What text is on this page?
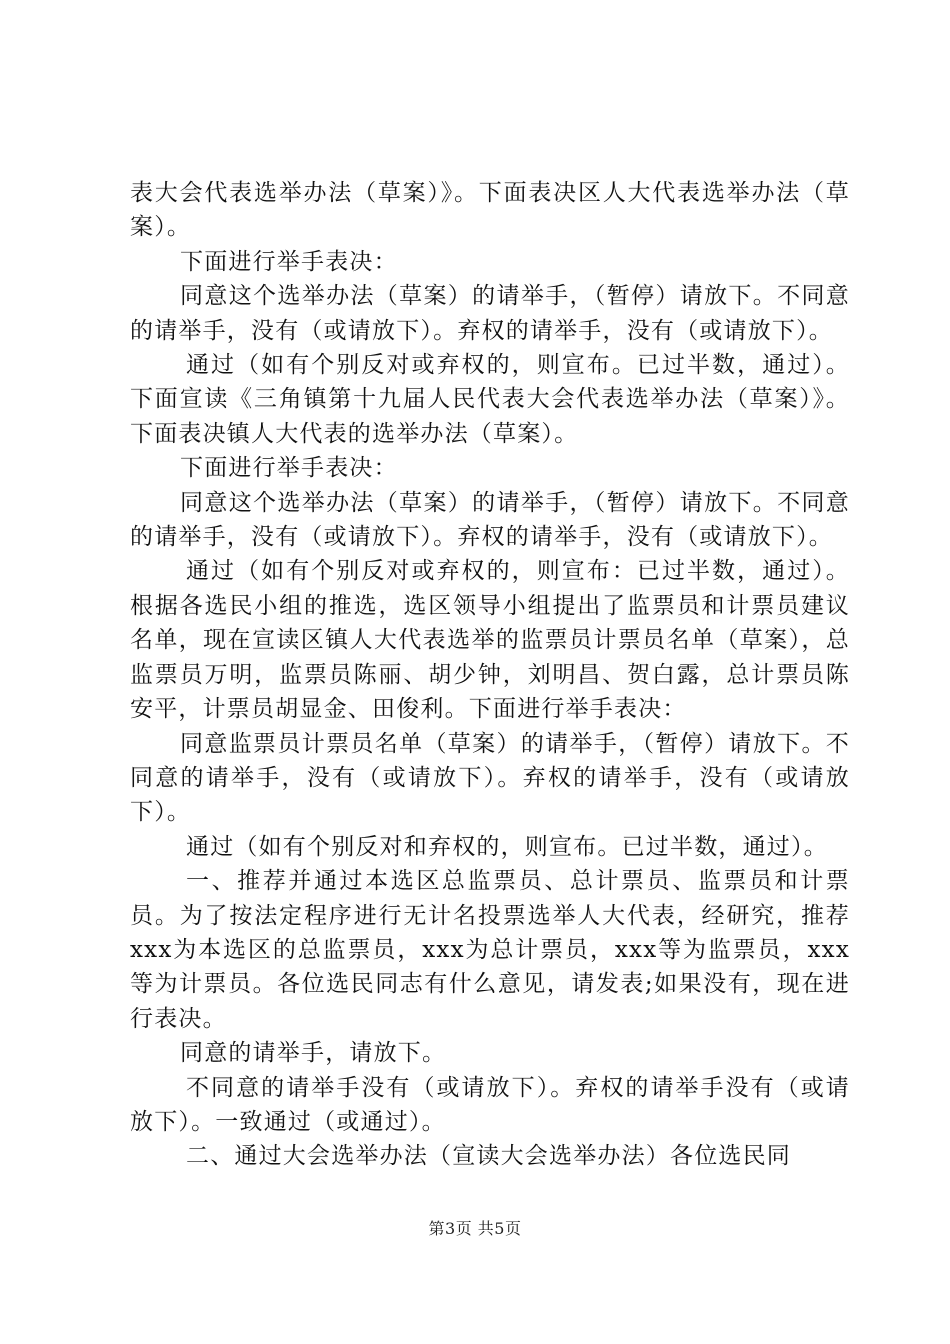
表大会代表选举办法（草案）》。下面表决区人大代表选举办法（草案）。

下面进行举手表决：

同意这个选举办法（草案）的请举手，（暂停）请放下。不同意的请举手，没有（或请放下）。弃权的请举手，没有（或请放下）。

通过（如有个别反对或弃权的，则宣布。已过半数，通过）。下面宣读《三角镇第十九届人民代表大会代表选举办法（草案）》。下面表决镇人大代表的选举办法（草案）。

下面进行举手表决：

同意这个选举办法（草案）的请举手，（暂停）请放下。不同意的请举手，没有（或请放下）。弃权的请举手，没有（或请放下）。

通过（如有个别反对或弃权的，则宣布：已过半数，通过）。根据各选民小组的推选，选区领导小组提出了监票员和计票员建议名单，现在宣读区镇人大代表选举的监票员计票员名单（草案），总监票员万明，监票员陈丽、胡少钟，刘明昌、贺白露，总计票员陈安平，计票员胡显金、田俊利。下面进行举手表决：

同意监票员计票员名单（草案）的请举手，（暂停）请放下。不同意的请举手，没有（或请放下）。弃权的请举手，没有（或请放下）。

通过（如有个别反对和弃权的，则宣布。已过半数，通过）。

一、推荐并通过本选区总监票员、总计票员、监票员和计票员。为了按法定程序进行无计名投票选举人大代表，经研究，推荐xxx为本选区的总监票员，xxx为总计票员，xxx等为监票员，xxx等为计票员。各位选民同志有什么意见，请发表;如果没有，现在进行表决。

同意的请举手，请放下。

不同意的请举手没有（或请放下）。弃权的请举手没有（或请放下）。一致通过（或通过）。

二、通过大会选举办法（宣读大会选举办法）各位选民同

第3页 共5页
